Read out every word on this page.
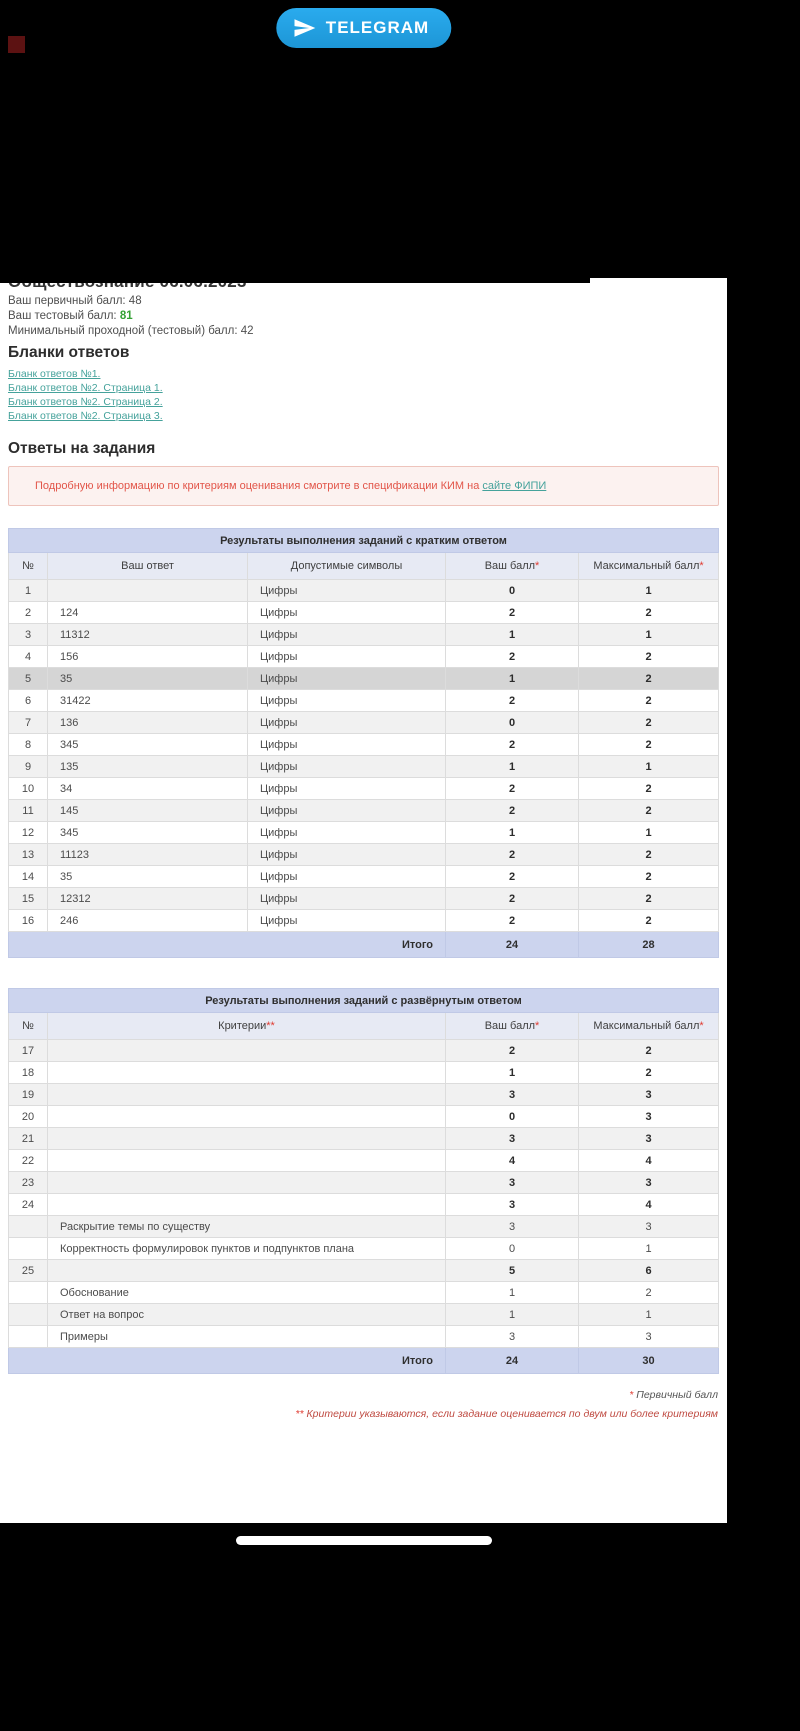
TELEGRAM
Ваш первичный балл: 48
Ваш тестовый балл: 81
Минимальный проходной (тестовый) балл: 42
Бланки ответов
Бланк ответов №1.
Бланк ответов №2. Страница 1.
Бланк ответов №2. Страница 2.
Бланк ответов №2. Страница 3.
Ответы на задания
Подробную информацию по критериям оценивания смотрите в спецификации КИМ на сайте ФИПИ
Результаты выполнения заданий с кратким ответом				
№	Ваш ответ	Допустимые символы	Ваш балл*	Максимальный балл*
1		Цифры	0	1
2	124	Цифры	2	2
3	11312	Цифры	1	1
4	156	Цифры	2	2
5	35	Цифры	1	2
6	31422	Цифры	2	2
7	136	Цифры	0	2
8	345	Цифры	2	2
9	135	Цифры	1	1
10	34	Цифры	2	2
11	145	Цифры	2	2
12	345	Цифры	1	1
13	11123	Цифры	2	2
14	35	Цифры	2	2
15	12312	Цифры	2	2
16	246	Цифры	2	2
Итого			24	28
Результаты выполнения заданий с развёрнутым ответом			
№	Критерии**	Ваш балл*	Максимальный балл*
17		2	2
18		1	2
19		3	3
20		0	3
21		3	3
22		4	4
23		3	3
24		3	4
	Раскрытие темы по существу	3	3
	Корректность формулировок пунктов и подпунктов плана	0	1
25		5	6
	Обоснование	1	2
	Ответ на вопрос	1	1
	Примеры	3	3
Итого		24	30
* Первичный балл
** Критерии указываются, если задание оценивается по двум или более критериям
